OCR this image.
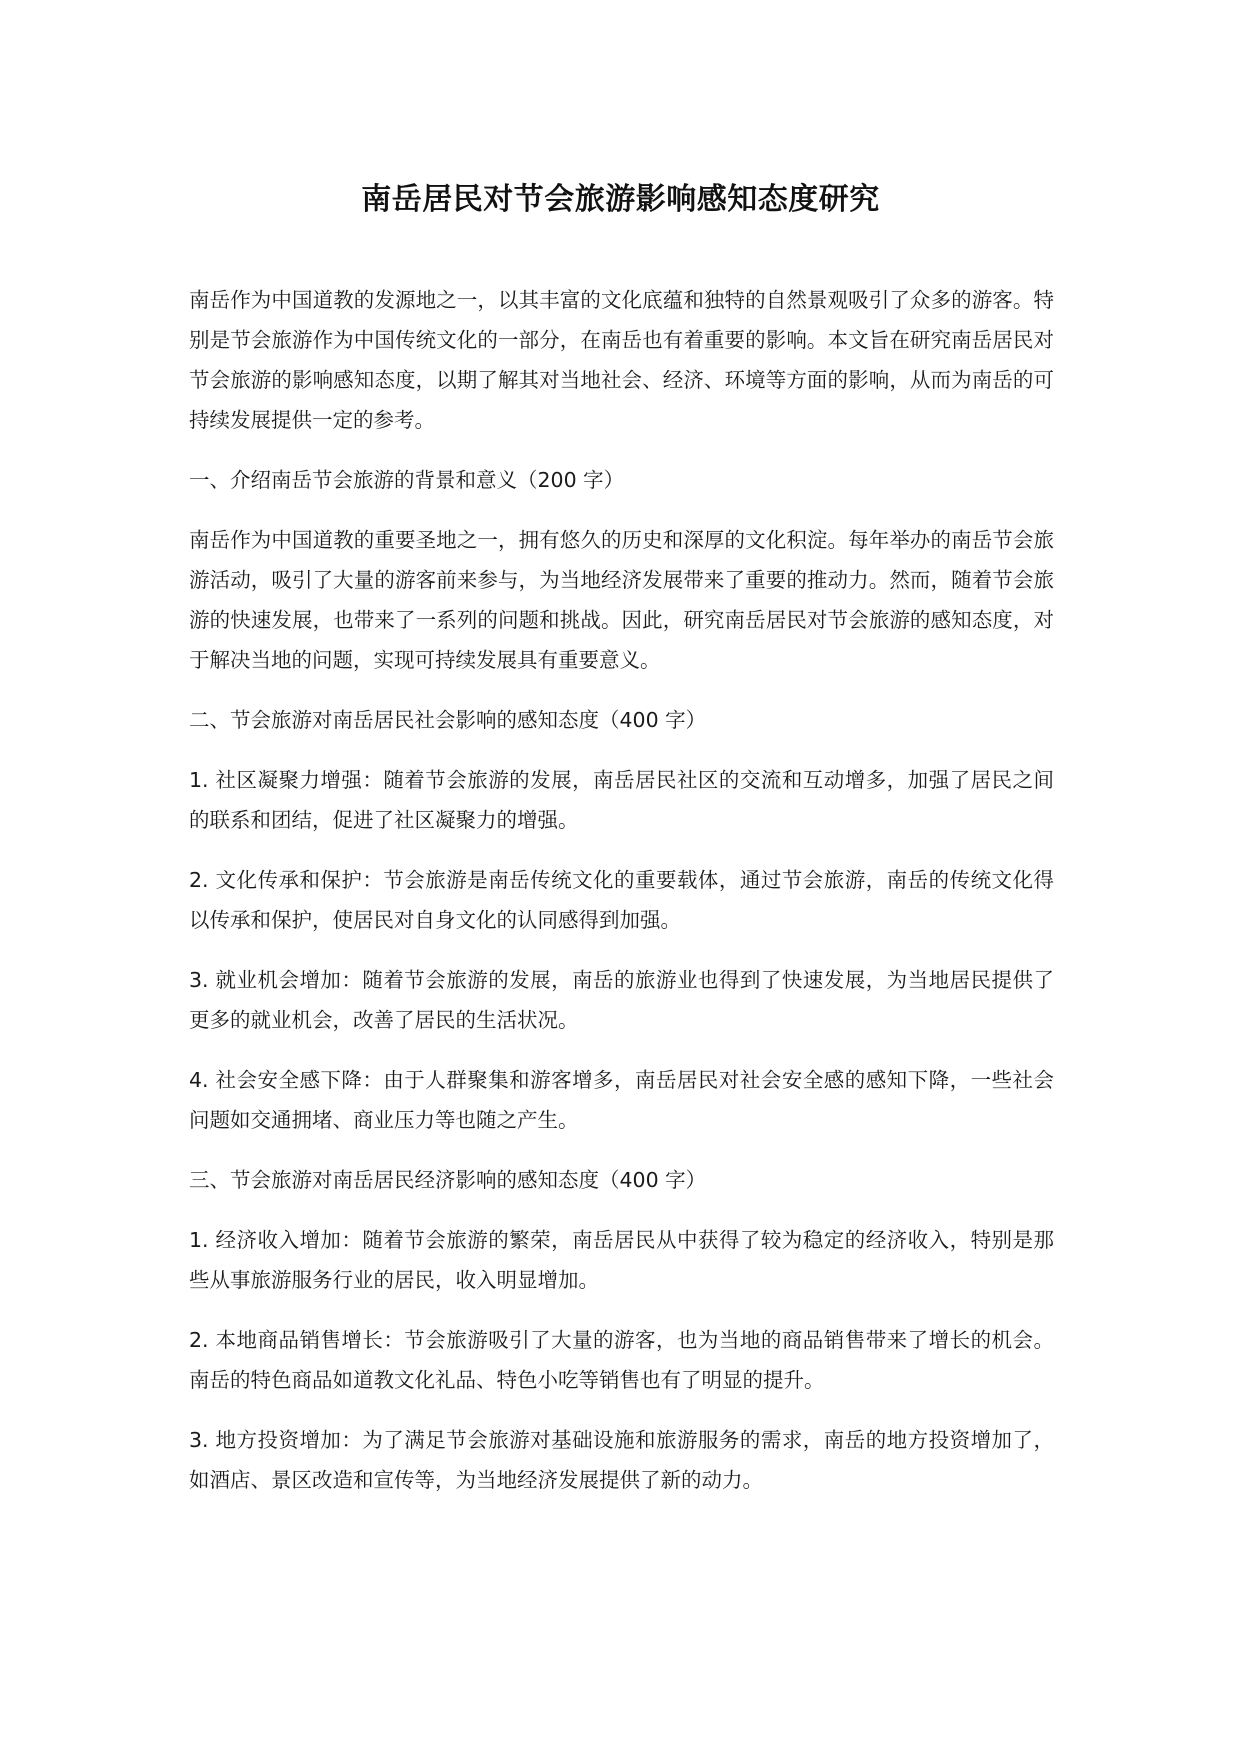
南岳居民对节会旅游影响感知态度研究

南岳作为中国道教的发源地之一，以其丰富的文化底蕴和独特的自然景观吸引了众多的游客。特别是节会旅游作为中国传统文化的一部分，在南岳也有着重要的影响。本文旨在研究南岳居民对节会旅游的影响感知态度，以期了解其对当地社会、经济、环境等方面的影响，从而为南岳的可持续发展提供一定的参考。

一、介绍南岳节会旅游的背景和意义（200 字）

南岳作为中国道教的重要圣地之一，拥有悠久的历史和深厚的文化积淀。每年举办的南岳节会旅游活动，吸引了大量的游客前来参与，为当地经济发展带来了重要的推动力。然而，随着节会旅游的快速发展，也带来了一系列的问题和挑战。因此，研究南岳居民对节会旅游的感知态度，对于解决当地的问题，实现可持续发展具有重要意义。

二、节会旅游对南岳居民社会影响的感知态度（400 字）

1. 社区凝聚力增强：随着节会旅游的发展，南岳居民社区的交流和互动增多，加强了居民之间的联系和团结，促进了社区凝聚力的增强。

2. 文化传承和保护：节会旅游是南岳传统文化的重要载体，通过节会旅游，南岳的传统文化得以传承和保护，使居民对自身文化的认同感得到加强。

3. 就业机会增加：随着节会旅游的发展，南岳的旅游业也得到了快速发展，为当地居民提供了更多的就业机会，改善了居民的生活状况。

4. 社会安全感下降：由于人群聚集和游客增多，南岳居民对社会安全感的感知下降，一些社会问题如交通拥堵、商业压力等也随之产生。

三、节会旅游对南岳居民经济影响的感知态度（400 字）

1. 经济收入增加：随着节会旅游的繁荣，南岳居民从中获得了较为稳定的经济收入，特别是那些从事旅游服务行业的居民，收入明显增加。

2. 本地商品销售增长：节会旅游吸引了大量的游客，也为当地的商品销售带来了增长的机会。南岳的特色商品如道教文化礼品、特色小吃等销售也有了明显的提升。

3. 地方投资增加：为了满足节会旅游对基础设施和旅游服务的需求，南岳的地方投资增加了，如酒店、景区改造和宣传等，为当地经济发展提供了新的动力。
